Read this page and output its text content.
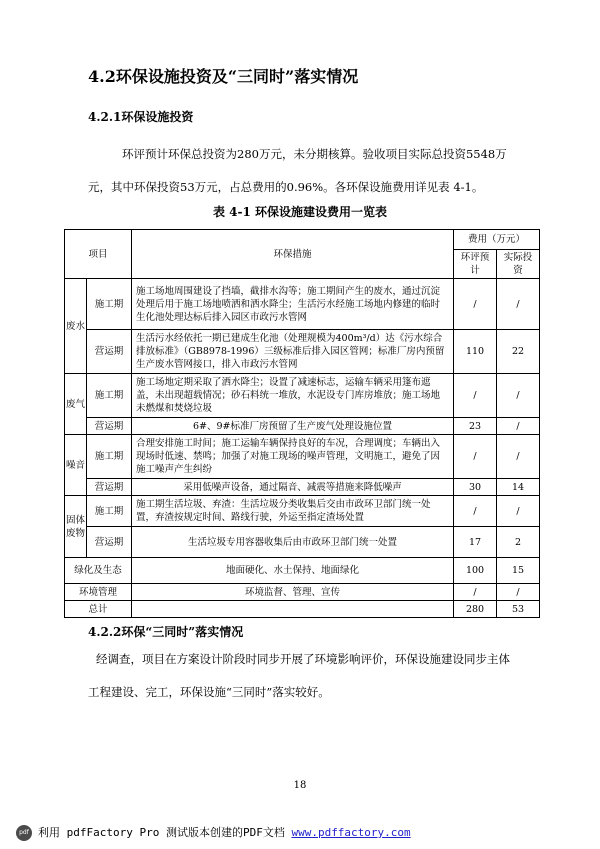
4.2环保设施投资及“三同时”落实情况
4.2.1环保设施投资
环评预计环保总投资为280万元，未分期核算。验收项目实际总投资5548万元，其中环保投资53万元，占总费用的0.96%。各环保设施费用详见表 4-1。
表 4-1 环保设施建设费用一览表
项目		环保措施	费用（万元）	
			环评预计	实际投资
废水	施工期	施工场地周围建设了挡墙，截排水沟等；施工期间产生的废水，通过沉淀处理后用于施工场地喷洒和洒水降尘；生活污水经施工场地内修建的临时生化池处理达标后排入园区市政污水管网	/	/
	营运期	生活污水经依托一期已建成生化池（处理规模为400m³/d）达《污水综合排放标准》（GB8978-1996）三级标准后排入园区管网；标准厂房内预留生产废水管网接口，排入市政污水管网	110	22
废气	施工期	施工场地定期采取了洒水降尘；设置了减速标志，运输车辆采用篷布遮盖，未出现超载情况；砂石料统一堆放，水泥设专门库房堆放；施工场地未燃煤和焚烧垃圾	/	/
	营运期	6#、9#标准厂房预留了生产废气处理设施位置	23	/
噪音	施工期	合理安排施工时间；施工运输车辆保持良好的车况，合理调度；车辆出入现场时低速、禁鸣；加强了对施工现场的噪声管理，文明施工，避免了因施工噪声产生纠纷	/	/
	营运期	采用低噪声设备，通过隔音、减震等措施来降低噪声	30	14
固体废物	施工期	施工期生活垃圾、弃渣：生活垃圾分类收集后交由市政环卫部门统一处置，弃渣按规定时间、路线行驶，外运至指定渣场处置	/	/
	营运期	生活垃圾专用容器收集后由市政环卫部门统一处置	17	2
绿化及生态		地面硬化、水土保持、地面绿化	100	15
环境管理		环境监督、管理、宣传	/	/
总计			280	53
4.2.2环保“三同时”落实情况
经调查，项目在方案设计阶段时同步开展了环境影响评价，环保设施建设同步主体工程建设、完工，环保设施“三同时”落实较好。
18
pdf 利用 pdfFactory Pro 测试版本创建的PDF文档 www.pdffactory.com
